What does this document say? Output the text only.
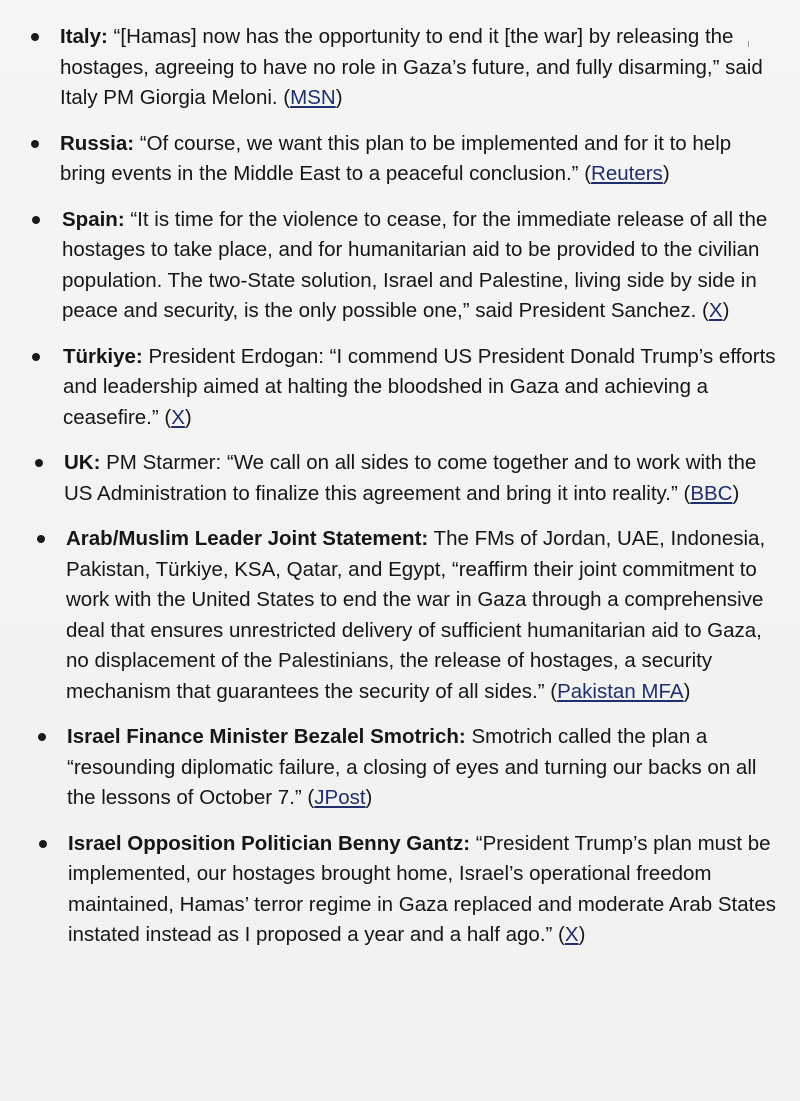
Italy: “[Hamas] now has the opportunity to end it [the war] by releasing the hostages, agreeing to have no role in Gaza’s future, and fully disarming,” said Italy PM Giorgia Meloni. (MSN)
Russia: “Of course, we want this plan to be implemented and for it to help bring events in the Middle East to a peaceful conclusion.” (Reuters)
Spain: “It is time for the violence to cease, for the immediate release of all the hostages to take place, and for humanitarian aid to be provided to the civilian population. The two-State solution, Israel and Palestine, living side by side in peace and security, is the only possible one,” said President Sanchez. (X)
Türkiye: President Erdogan: “I commend US President Donald Trump’s efforts and leadership aimed at halting the bloodshed in Gaza and achieving a ceasefire.” (X)
UK: PM Starmer: “We call on all sides to come together and to work with the US Administration to finalize this agreement and bring it into reality.” (BBC)
Arab/Muslim Leader Joint Statement: The FMs of Jordan, UAE, Indonesia, Pakistan, Türkiye, KSA, Qatar, and Egypt, “reaffirm their joint commitment to work with the United States to end the war in Gaza through a comprehensive deal that ensures unrestricted delivery of sufficient humanitarian aid to Gaza, no displacement of the Palestinians, the release of hostages, a security mechanism that guarantees the security of all sides.” (Pakistan MFA)
Israel Finance Minister Bezalel Smotrich: Smotrich called the plan a “resounding diplomatic failure, a closing of eyes and turning our backs on all the lessons of October 7.” (JPost)
Israel Opposition Politician Benny Gantz: “President Trump’s plan must be implemented, our hostages brought home, Israel’s operational freedom maintained, Hamas’ terror regime in Gaza replaced and moderate Arab States instated instead as I proposed a year and a half ago.” (X)
